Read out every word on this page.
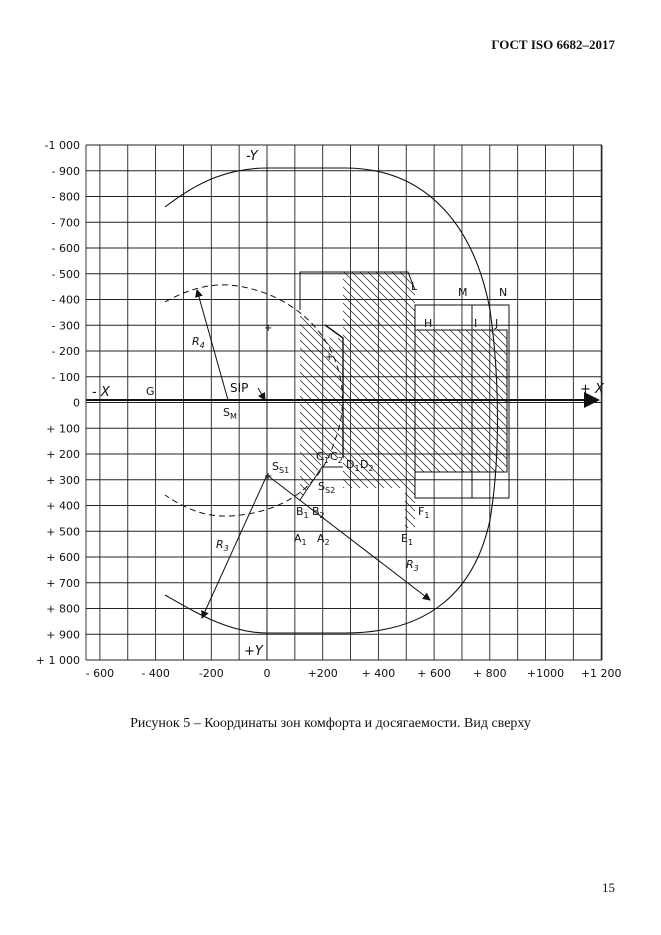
ГОСТ ISO 6682–2017
-1 000
- 900
- 800
- 700
- 600
- 500
- 400
- 300
- 200
- 100
0
+ 100
+ 200
+ 300
+ 400
+ 500
+ 600
+ 700
+ 800
+ 900
+ 1 000
- 600 - 400	-200	0	+200 + 400 + 600 + 800 +1000 +1 200
-Y
+Y
- X	+ X
SIP
G
L	M	N
H	I J
$S_M$
$S_{S1}$
$S_{S2}$
$C_1$ $C_2$ $D_1$ $D_2$
$B_1$ $B_2$
$A_1$ $A_2$	$E_1$
$F_1$
$R_4$
$R_3$
$R_3$
+
+
+
Рисунок 5 – Координаты зон комфорта и досягаемости. Вид сверху
15
